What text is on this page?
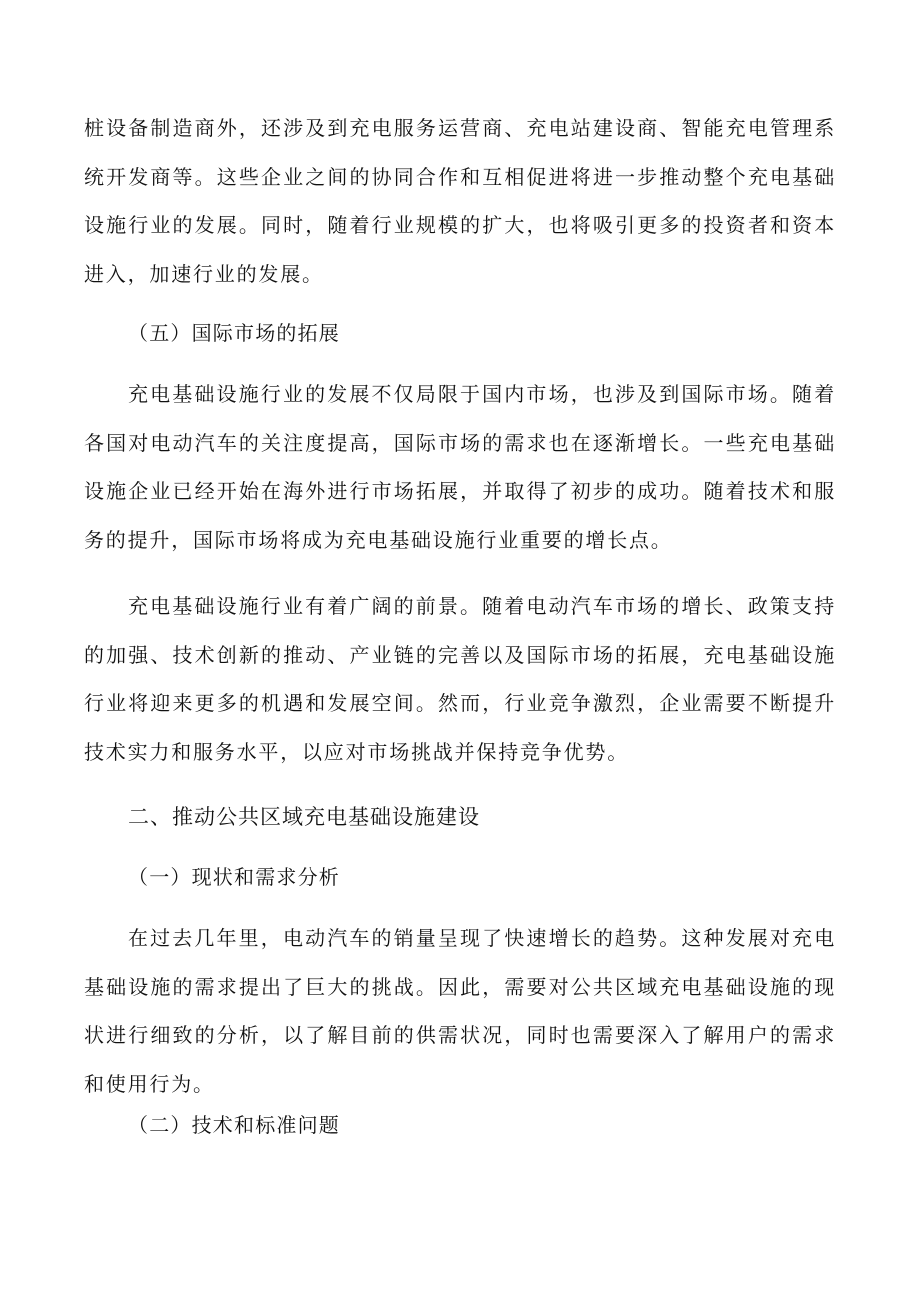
桩设备制造商外，还涉及到充电服务运营商、充电站建设商、智能充电管理系统开发商等。这些企业之间的协同合作和互相促进将进一步推动整个充电基础设施行业的发展。同时，随着行业规模的扩大，也将吸引更多的投资者和资本进入，加速行业的发展。

（五）国际市场的拓展

充电基础设施行业的发展不仅局限于国内市场，也涉及到国际市场。随着各国对电动汽车的关注度提高，国际市场的需求也在逐渐增长。一些充电基础设施企业已经开始在海外进行市场拓展，并取得了初步的成功。随着技术和服务的提升，国际市场将成为充电基础设施行业重要的增长点。

充电基础设施行业有着广阔的前景。随着电动汽车市场的增长、政策支持的加强、技术创新的推动、产业链的完善以及国际市场的拓展，充电基础设施行业将迎来更多的机遇和发展空间。然而，行业竞争激烈，企业需要不断提升技术实力和服务水平，以应对市场挑战并保持竞争优势。

二、推动公共区域充电基础设施建设
（一）现状和需求分析

在过去几年里，电动汽车的销量呈现了快速增长的趋势。这种发展对充电基础设施的需求提出了巨大的挑战。因此，需要对公共区域充电基础设施的现状进行细致的分析，以了解目前的供需状况，同时也需要深入了解用户的需求和使用行为。

（二）技术和标准问题
